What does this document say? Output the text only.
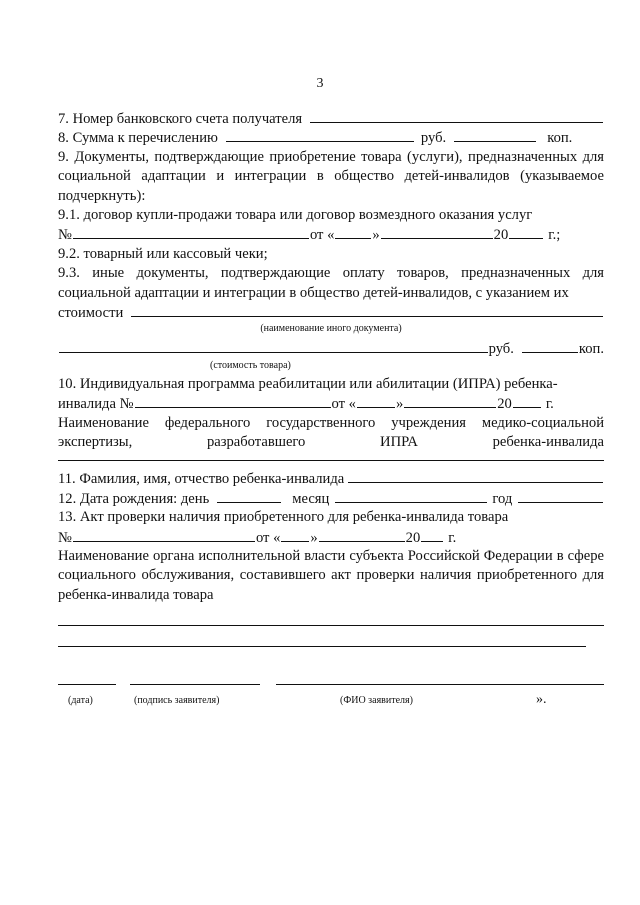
3
7. Номер банковского счета получателя
8. Сумма к перечислению	руб.	коп.
9. Документы, подтверждающие приобретение товара (услуги), предназначенных для социальной адаптации и интеграции в общество детей-инвалидов (указываемое подчеркнуть):
9.1. договор купли-продажи товара или договор возмездного оказания услуг
№	от «	»	20	г.;
9.2. товарный или кассовый чеки;
9.3. иные документы, подтверждающие оплату товаров, предназначенных для социальной адаптации и интеграции в общество детей-инвалидов, с указанием их
стоимости
(наименование иного документа)
руб.	коп.
(стоимость товара)
10. Индивидуальная программа реабилитации или абилитации (ИПРА) ребенка-
инвалида №	от «	»	20 г.
Наименование федерального государственного учреждения медико-социальной экспертизы, разработавшего ИПРА ребенка-инвалида
11. Фамилия, имя, отчество ребенка-инвалида
12. Дата рождения: день	месяц	год
13. Акт проверки наличия приобретенного для ребенка-инвалида товара
№	от « »	20 г.
Наименование органа исполнительной власти субъекта Российской Федерации в сфере социального обслуживания, составившего акт проверки наличия приобретенного для ребенка-инвалида товара
(дата)	(подпись заявителя)	(ФИО заявителя)	».
